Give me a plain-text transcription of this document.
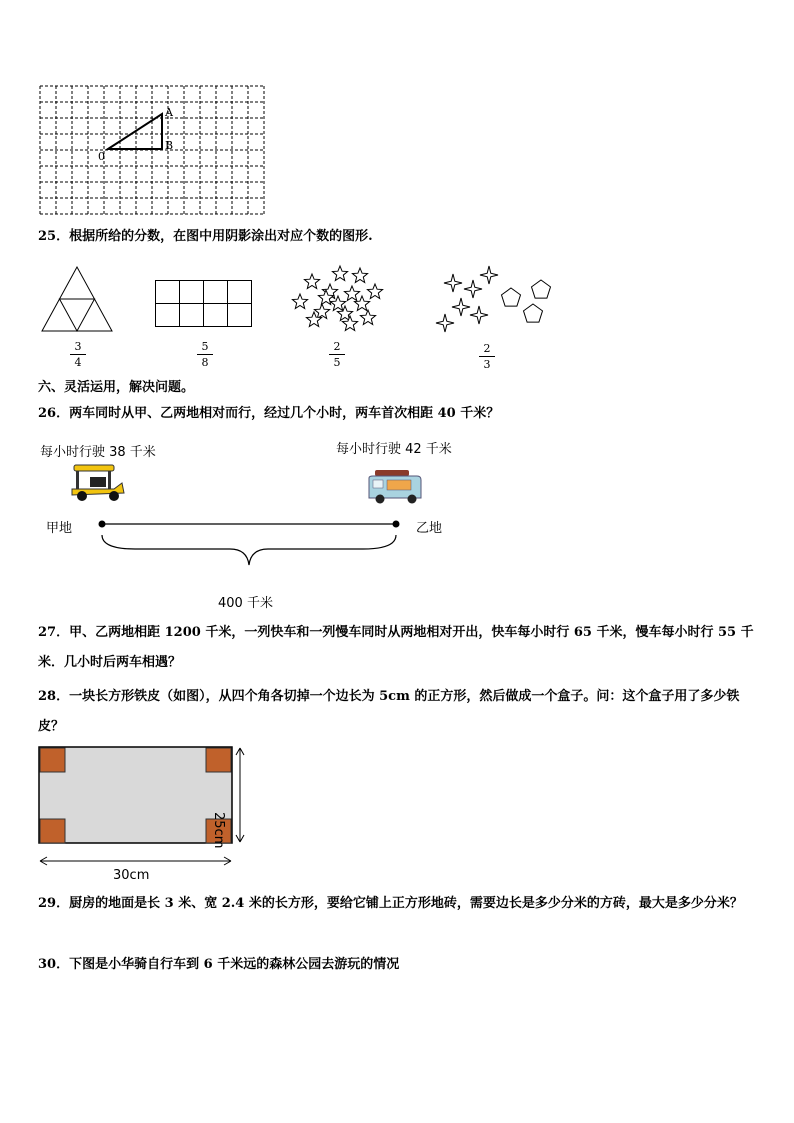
A
B
0
25．根据所给的分数，在图中用阴影涂出对应个数的图形.
3
4
5
8
2
5
2
3
六、灵活运用，解决问题。
26．两车同时从甲、乙两地相对而行，经过几个小时，两车首次相距 40 千米？
每小时行驶 38 千米	每小时行驶 42 千米
甲地	乙地
400 千米
27．甲、乙两地相距 1200 千米，一列快车和一列慢车同时从两地相对开出，快车每小时行 65 千米，慢车每小时行 55 千米．几小时后两车相遇？
28．一块长方形铁皮（如图），从四个角各切掉一个边长为 5cm 的正方形，然后做成一个盒子。问：这个盒子用了多少铁皮？
30cm
25cm
29．厨房的地面是长 3 米、宽 2.4 米的长方形，要给它铺上正方形地砖，需要边长是多少分米的方砖，最大是多少分米？
30．下图是小华骑自行车到 6 千米远的森林公园去游玩的情况
